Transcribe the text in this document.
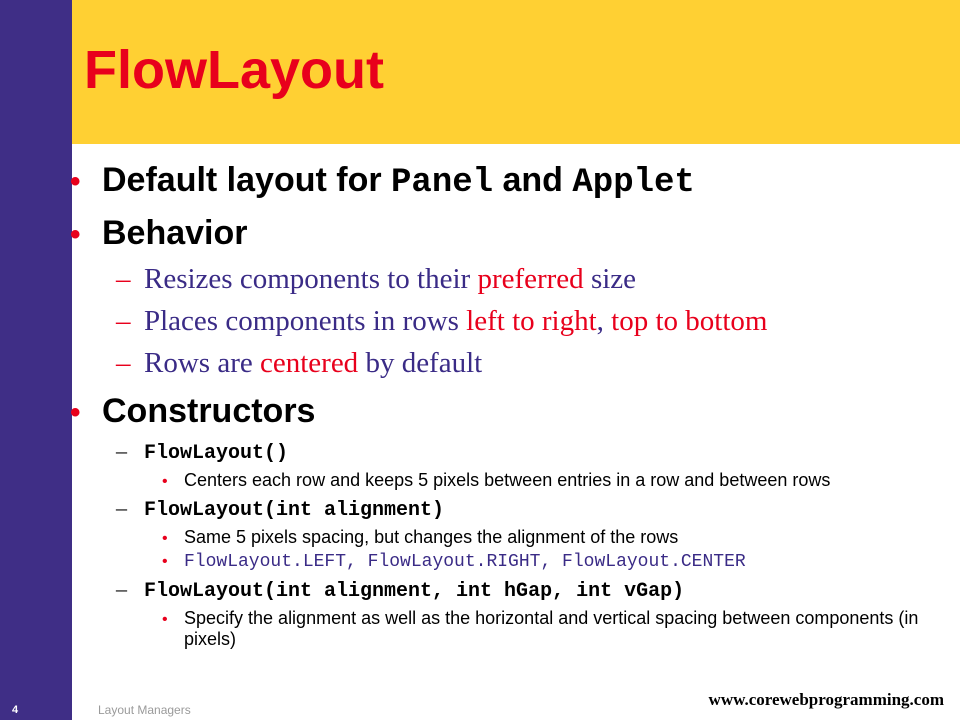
FlowLayout
• Default layout for Panel and Applet
• Behavior
– Resizes components to their preferred size
– Places components in rows left to right, top to bottom
– Rows are centered by default
• Constructors
– FlowLayout()
• Centers each row and keeps 5 pixels between entries in a row and between rows
– FlowLayout(int alignment)
• Same 5 pixels spacing, but changes the alignment of the rows
• FlowLayout.LEFT, FlowLayout.RIGHT, FlowLayout.CENTER
– FlowLayout(int alignment, int hGap, int vGap)
• Specify the alignment as well as the horizontal and vertical spacing between components (in pixels)
4	Layout Managers
www.corewebprogramming.com
